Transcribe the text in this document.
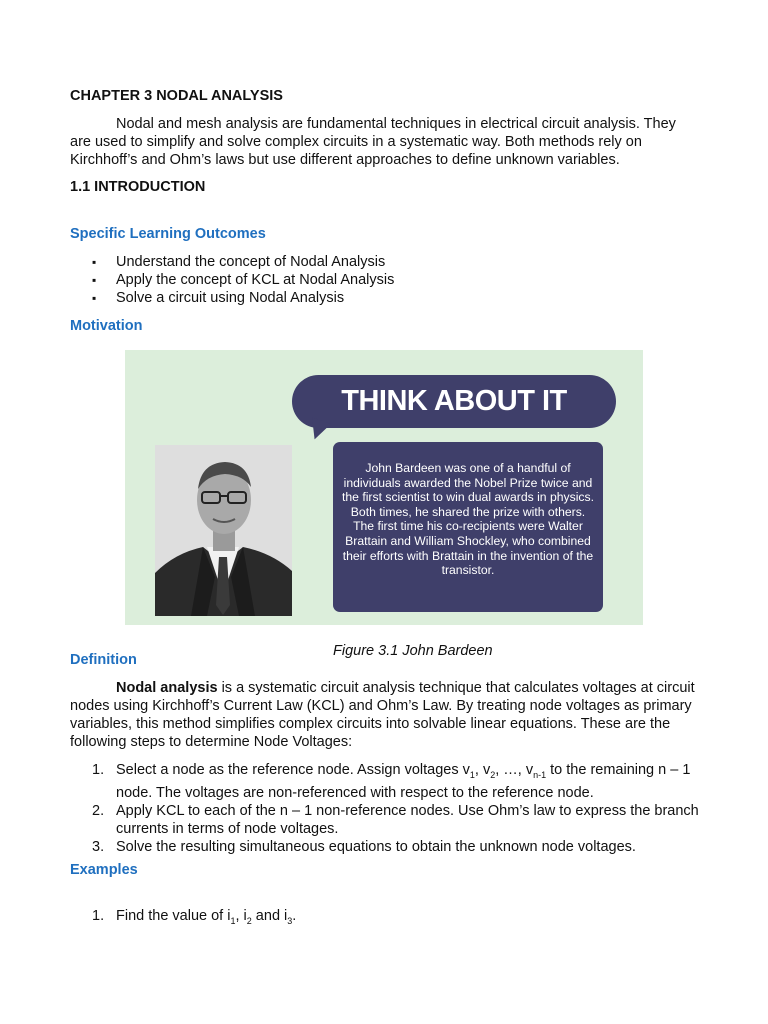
CHAPTER 3 NODAL ANALYSIS
Nodal and mesh analysis are fundamental techniques in electrical circuit analysis. They are used to simplify and solve complex circuits in a systematic way. Both methods rely on Kirchhoff’s and Ohm’s laws but use different approaches to define unknown variables.
1.1 INTRODUCTION
Specific Learning Outcomes
▪ Understand the concept of Nodal Analysis
▪ Apply the concept of KCL at Nodal Analysis
▪ Solve a circuit using Nodal Analysis
Motivation
THINK ABOUT IT
John Bardeen was one of a handful of individuals awarded the Nobel Prize twice and the first scientist to win dual awards in physics. Both times, he shared the prize with others. The first time his co-recipients were Walter Brattain and William Shockley, who combined their efforts with Brattain in the invention of the transistor.
Figure 3.1 John Bardeen
Definition
Nodal analysis is a systematic circuit analysis technique that calculates voltages at circuit nodes using Kirchhoff’s Current Law (KCL) and Ohm’s Law. By treating node voltages as primary variables, this method simplifies complex circuits into solvable linear equations. These are the following steps to determine Node Voltages:
1. Select a node as the reference node. Assign voltages $v_1$, $v_2$, …, $v_{n-1}$ to the remaining n – 1 node. The voltages are non-referenced with respect to the reference node.
2. Apply KCL to each of the n – 1 non-reference nodes. Use Ohm’s law to express the branch currents in terms of node voltages.
3. Solve the resulting simultaneous equations to obtain the unknown node voltages.
Examples
1. Find the value of $i_1$, $i_2$ and $i_3$.
